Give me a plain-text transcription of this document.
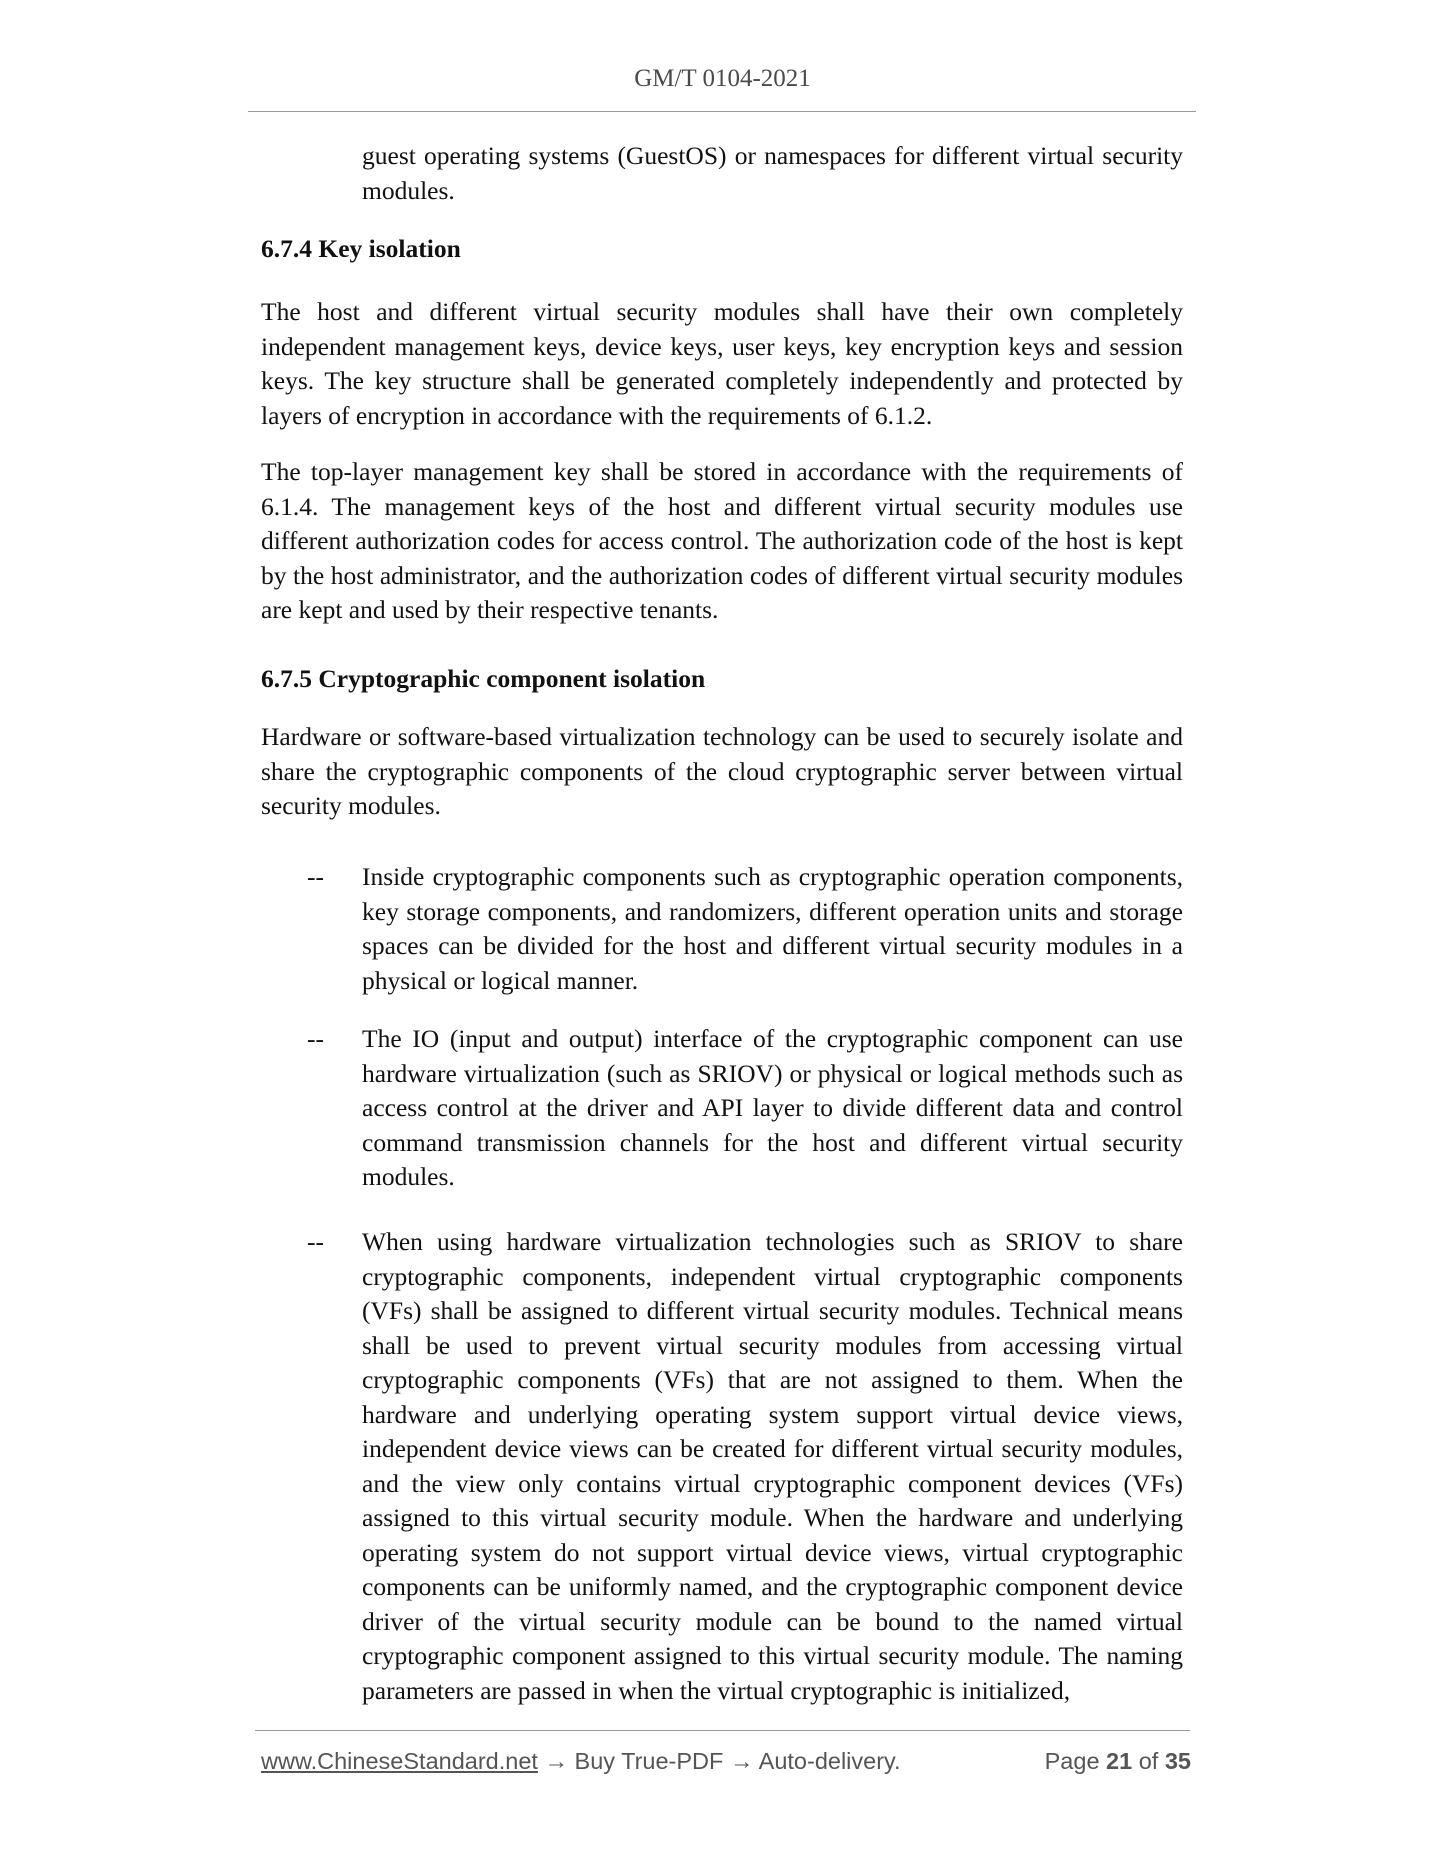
GM/T 0104-2021
guest operating systems (GuestOS) or namespaces for different virtual security modules.
6.7.4 Key isolation
The host and different virtual security modules shall have their own completely independent management keys, device keys, user keys, key encryption keys and session keys. The key structure shall be generated completely independently and protected by layers of encryption in accordance with the requirements of 6.1.2.
The top-layer management key shall be stored in accordance with the requirements of 6.1.4. The management keys of the host and different virtual security modules use different authorization codes for access control. The authorization code of the host is kept by the host administrator, and the authorization codes of different virtual security modules are kept and used by their respective tenants.
6.7.5 Cryptographic component isolation
Hardware or software-based virtualization technology can be used to securely isolate and share the cryptographic components of the cloud cryptographic server between virtual security modules.
-- Inside cryptographic components such as cryptographic operation components, key storage components, and randomizers, different operation units and storage spaces can be divided for the host and different virtual security modules in a physical or logical manner.
-- The IO (input and output) interface of the cryptographic component can use hardware virtualization (such as SRIOV) or physical or logical methods such as access control at the driver and API layer to divide different data and control command transmission channels for the host and different virtual security modules.
-- When using hardware virtualization technologies such as SRIOV to share cryptographic components, independent virtual cryptographic components (VFs) shall be assigned to different virtual security modules. Technical means shall be used to prevent virtual security modules from accessing virtual cryptographic components (VFs) that are not assigned to them. When the hardware and underlying operating system support virtual device views, independent device views can be created for different virtual security modules, and the view only contains virtual cryptographic component devices (VFs) assigned to this virtual security module. When the hardware and underlying operating system do not support virtual device views, virtual cryptographic components can be uniformly named, and the cryptographic component device driver of the virtual security module can be bound to the named virtual cryptographic component assigned to this virtual security module. The naming parameters are passed in when the virtual cryptographic is initialized,
www.ChineseStandard.net → Buy True-PDF → Auto-delivery.	Page 21 of 35
